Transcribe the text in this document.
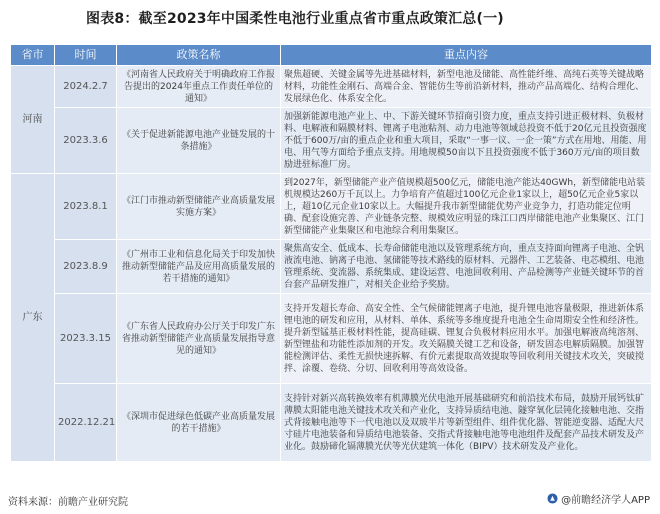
图表8：截至2023年中国柔性电池行业重点省市重点政策汇总(一)
省市	时间	政策名称	重点内容
河南	2024.2.7	《河南省人民政府关于明确政府工作报告提出的2024年重点工作责任单位的通知》	聚焦超硬、关键金属等先进基础材料，新型电池及储能、高性能纤维、高纯石英等关键战略材料，功能性金刚石、高端合金、智能仿生等前沿新材料，推动产品高端化、结构合理化、发展绿色化、体系安全化。
	2023.3.6	《关于促进新能源电池产业链发展的十条措施》	加强新能源电池产业上、中、下游关键环节招商引资力度，重点支持引进正极材料、负极材料、电解液和隔膜材料、锂离子电池粘剂、动力电池等领域总投资不低于20亿元且投资强度不低于600万/亩的重点企业和重大项目，采取“一事一议、一企一策”方式在用地、用能、用电、用气等方面给予重点支持。用地规模50亩以下且投资强度不低于360万元/亩的项目数励进驻标准厂房。
广东	2023.8.1	《江门市推动新型储能产业高质量发展实施方案》	到2027年，新型储能产业产值规模超500亿元，储能电池产能达40GWh，新型储能电站装机规模达260万千瓦以上。力争培育产值超过100亿元企业1家以上，超50亿元企业5家以上，超10亿元企业10家以上。大幅提升我市新型储能优势产业竞争力，打造功能定位明确、配套设施完善、产业链条完整、规模效应明显的珠江口西岸储能电池产业集聚区、江门新型储能产业集聚区和电池综合利用集聚区。
	2023.8.9	《广州市工业和信息化局关于印发加快推动新型储能产品及应用高质量发展的若干措施的通知》	聚焦高安全、低成本、长寿命储能电池以及管理系统方向，重点支持面向锂离子电池、全钒液流电池、钠离子电池、氢储能等技术路线的原材料、元器件、工艺装备、电芯模组、电池管理系统、变流器、系统集成、建设运营、电池回收利用、产品检测等产业链关键环节的首台套产品研发推广，对相关企业给予奖励。
	2023.3.15	《广东省人民政府办公厅关于印发广东省推动新型储能产业高质量发展指导意见的通知》	支持开发超长寿命、高安全性、全气候储能锂离子电池，提升锂电池容量极限，推进新体系锂电池的研发和应用，从材料、单体、系统等多维度提升电池全生命周期安全性和经济性。提升新型锰基正极材料性能，提高硅碳、锂复合负极材料应用水平。加强电解液高纯溶剂、新型锂盐和功能性添加剂的开发。攻关隔膜关键工艺和设备，研发固态电解质隔膜。加强智能检测评估、柔性无损快速拆解、有价元素提取高效提取等回收利用关键技术攻关，突破搅拌、涂覆、卷绕、分切、回收利用等高效设备。
	2022.12.21	《深圳市促进绿色低碳产业高质量发展的若干措施》	支持针对新兴高转换效率有机薄膜光伏电池开展基础研究和前沿技术布局，鼓励开展钙钛矿薄膜太阳能电池关键技术攻关和产业化，支持异质结电池、隧穿氧化层钝化接触电池、交指式背接触电池等下一代电池以及双玻半片等新型组件、组件优化器、智能逆变器、适配大尺寸硅片电池装备和异质结电池装备、交指式背接触电池等电池组件及配套产品技术研发及产业化。鼓励碲化镉薄膜光伏等光伏建筑一体化（BIPV）技术研发及产业化。
资料来源：前瞻产业研究院	@前瞻经济学人APP
